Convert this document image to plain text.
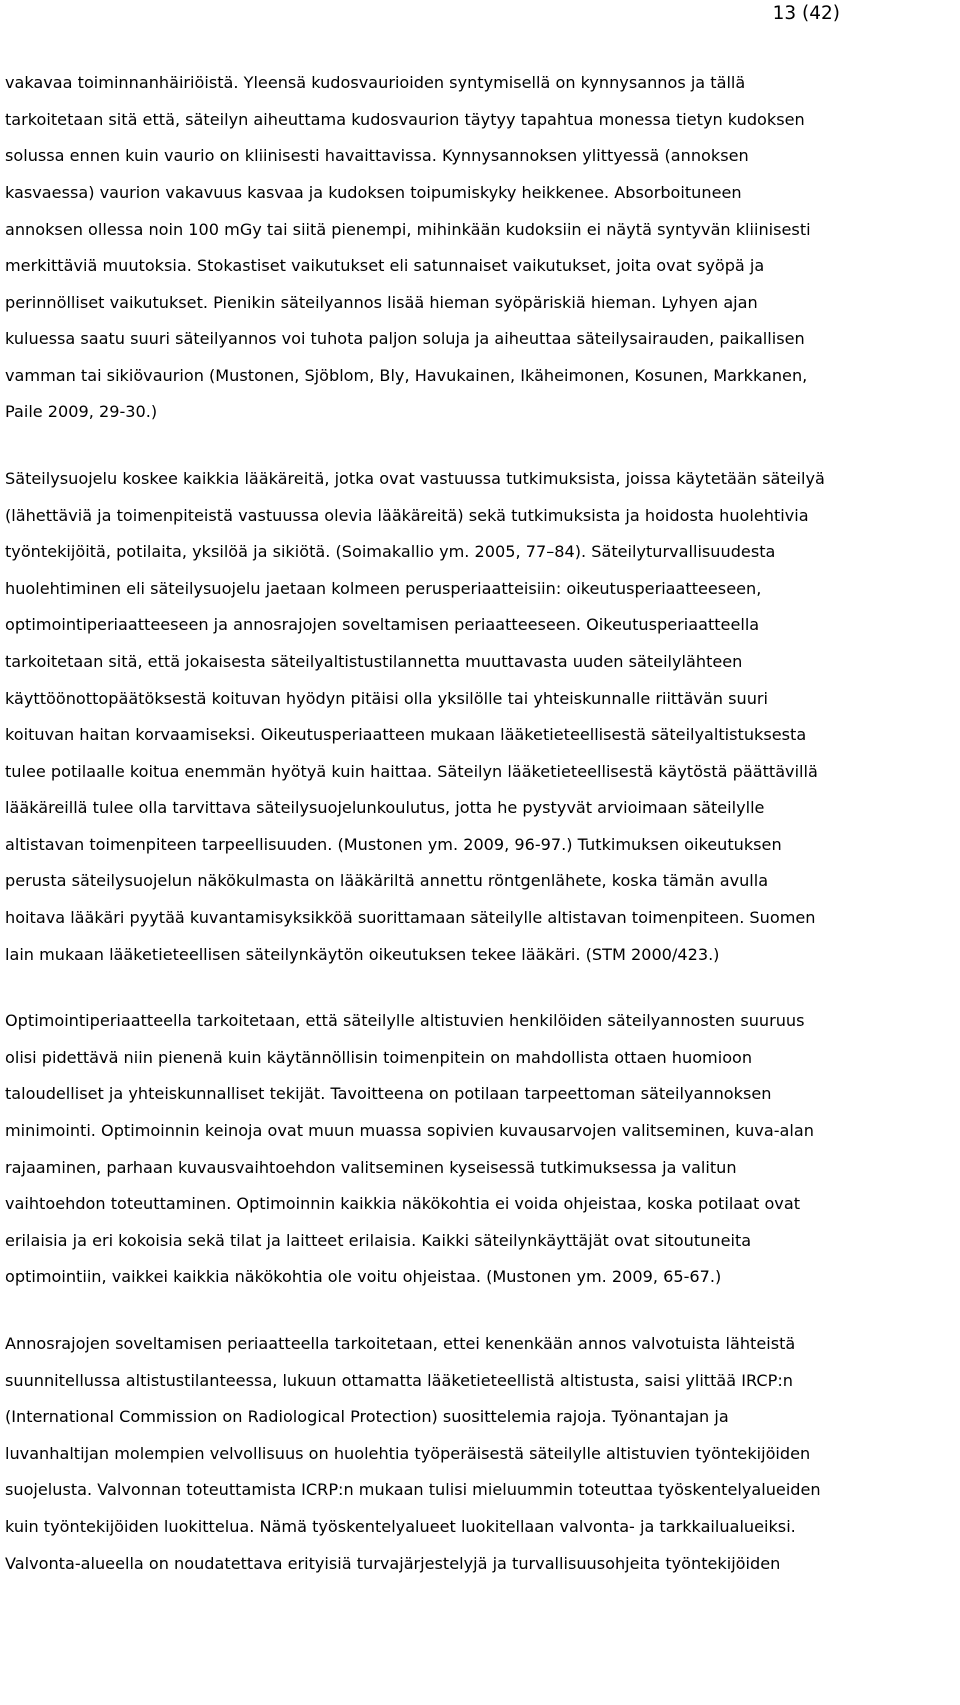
13 (42)

vakavaa toiminnanhäiriöistä. Yleensä kudosvaurioiden syntymisellä on kynnysannos ja tällä

tarkoitetaan sitä että, säteilyn aiheuttama kudosvaurion täytyy tapahtua monessa tietyn kudoksen

solussa ennen kuin vaurio on kliinisesti havaittavissa. Kynnysannoksen ylittyessä (annoksen

kasvaessa) vaurion vakavuus kasvaa ja kudoksen toipumiskyky heikkenee. Absorboituneen

annoksen ollessa noin 100 mGy tai siitä pienempi, mihinkään kudoksiin ei näytä syntyvän kliinisesti

merkittäviä muutoksia. Stokastiset vaikutukset eli satunnaiset vaikutukset, joita ovat syöpä ja

perinnölliset vaikutukset. Pienikin säteilyannos lisää hieman syöpäriskiä hieman. Lyhyen ajan

kuluessa saatu suuri säteilyannos voi tuhota paljon soluja ja aiheuttaa säteilysairauden, paikallisen

vamman tai sikiövaurion (Mustonen, Sjöblom, Bly, Havukainen, Ikäheimonen, Kosunen, Markkanen,

Paile 2009, 29-30.)

Säteilysuojelu koskee kaikkia lääkäreitä, jotka ovat vastuussa tutkimuksista, joissa käytetään säteilyä

(lähettäviä ja toimenpiteistä vastuussa olevia lääkäreitä) sekä tutkimuksista ja hoidosta huolehtivia

työntekijöitä, potilaita, yksilöä ja sikiötä. (Soimakallio ym. 2005, 77–84). Säteilyturvallisuudesta

huolehtiminen eli säteilysuojelu jaetaan kolmeen perusperiaatteisiin: oikeutusperiaatteeseen,

optimointiperiaatteeseen ja annosrajojen soveltamisen periaatteeseen. Oikeutusperiaatteella

tarkoitetaan sitä, että jokaisesta säteilyaltistustilannetta muuttavasta uuden säteilylähteen

käyttöönottopäätöksestä koituvan hyödyn pitäisi olla yksilölle tai yhteiskunnalle riittävän suuri

koituvan haitan korvaamiseksi. Oikeutusperiaatteen mukaan lääketieteellisestä säteilyaltistuksesta

tulee potilaalle koitua enemmän hyötyä kuin haittaa. Säteilyn lääketieteellisestä käytöstä päättävillä

lääkäreillä tulee olla tarvittava säteilysuojelunkoulutus, jotta he pystyvät arvioimaan säteilylle

altistavan toimenpiteen tarpeellisuuden. (Mustonen ym. 2009, 96-97.) Tutkimuksen oikeutuksen

perusta säteilysuojelun näkökulmasta on lääkäriltä annettu röntgenlähete, koska tämän avulla

hoitava lääkäri pyytää kuvantamisyksikköä suorittamaan säteilylle altistavan toimenpiteen. Suomen

lain mukaan lääketieteellisen säteilynkäytön oikeutuksen tekee lääkäri. (STM 2000/423.)

Optimointiperiaatteella tarkoitetaan, että säteilylle altistuvien henkilöiden säteilyannosten suuruus

olisi pidettävä niin pienenä kuin käytännöllisin toimenpitein on mahdollista ottaen huomioon

taloudelliset ja yhteiskunnalliset tekijät. Tavoitteena on potilaan tarpeettoman säteilyannoksen

minimointi. Optimoinnin keinoja ovat muun muassa sopivien kuvausarvojen valitseminen, kuva-alan

rajaaminen, parhaan kuvausvaihtoehdon valitseminen kyseisessä tutkimuksessa ja valitun

vaihtoehdon toteuttaminen. Optimoinnin kaikkia näkökohtia ei voida ohjeistaa, koska potilaat ovat

erilaisia ja eri kokoisia sekä tilat ja laitteet erilaisia. Kaikki säteilynkäyttäjät ovat sitoutuneita

optimointiin, vaikkei kaikkia näkökohtia ole voitu ohjeistaa. (Mustonen ym. 2009, 65-67.)

Annosrajojen soveltamisen periaatteella tarkoitetaan, ettei kenenkään annos valvotuista lähteistä

suunnitellussa altistustilanteessa, lukuun ottamatta lääketieteellistä altistusta, saisi ylittää IRCP:n

(International Commission on Radiological Protection) suosittelemia rajoja. Työnantajan ja

luvanhaltijan molempien velvollisuus on huolehtia työperäisestä säteilylle altistuvien työntekijöiden

suojelusta. Valvonnan toteuttamista ICRP:n mukaan tulisi mieluummin toteuttaa työskentelyalueiden

kuin työntekijöiden luokittelua. Nämä työskentelyalueet luokitellaan valvonta- ja tarkkailualueiksi.

Valvonta-alueella on noudatettava erityisiä turvajärjestelyjä ja turvallisuusohjeita työntekijöiden
